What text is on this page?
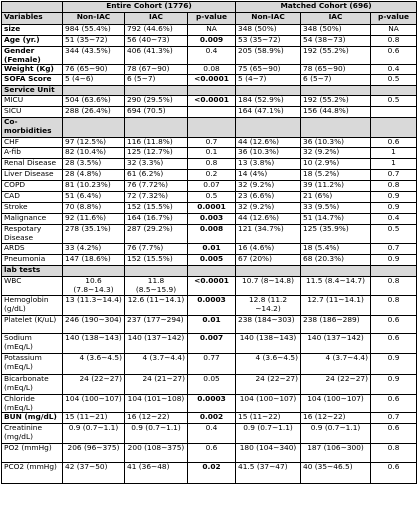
	Entire Cohort (1776)			Matched Cohort (696)		
Variables	Non-IAC	IAC	p-value	Non-IAC	IAC	p-value
size	984 (55.4%)	792 (44.6%)	NA	348 (50%)	348 (50%)	NA
Age (yr.)	51 (35~72)	56 (40~73)	0.009	53 (35~72)	54 (38~73)	0.8
Gender (Female)	344 (43.5%)	406 (41.3%)	0.4	205 (58.9%)	192 (55.2%)	0.6
Weight (Kg)	76 (65~90)	78 (67~90)	0.08	75 (65~90)	78 (65~90)	0.4
SOFA Score	5 (4~6)	6 (5~7)	<0.0001	5 (4~7)	6 (5~7)	0.5
Service Unit						
MICU	504 (63.6%)	290 (29.5%)	<0.0001	184 (52.9%)	192 (55.2%)	0.5
SICU	288 (26.4%)	694 (70.5)		164 (47.1%)	156 (44.8%)	
Co-morbidities						
CHF	97 (12.5%)	116 (11.8%)	0.7	44 (12.6%)	36 (10.3%)	0.6
A-fib	82 (10.4%)	125 (12.7%)	0.1	36 (10.3%)	32 (9.2%)	1
Renal Disease	28 (3.5%)	32 (3.3%)	0.8	13 (3.8%)	10 (2.9%)	1
Liver Disease	28 (4.8%)	61 (6.2%)	0.2	14 (4%)	18 (5.2%)	0.7
COPD	81 (10.23%)	76 (7.72%)	0.07	32 (9.2%)	39 (11.2%)	0.8
CAD	51 (6.4%)	72 (7.32%)	0.5	23 (6.6%)	21 (6%)	0.9
Stroke	70 (8.8%)	152 (15.5%)	0.0001	32 (9.2%)	33 (9.5%)	0.9
Malignance	92 (11.6%)	164 (16.7%)	0.003	44 (12.6%)	51 (14.7%)	0.4
Respotary Disease	278 (35.1%)	287 (29.2%)	0.008	121 (34.7%)	125 (35.9%)	0.5
ARDS	33 (4.2%)	76 (7.7%)	0.01	16 (4.6%)	18 (5.4%)	0.7
Pneumonia	147 (18.6%)	152 (15.5%)	0.005	67 (20%)	68 (20.3%)	0.9
lab tests						
WBC	10.6 (7.8~14.3)	11.8 (8.5~15.9)	<0.0001	10.7 (8~14.8)	11.5 (8.4~14.7)	0.8
Hemoglobin (g/dL)	13 (11.3~14.4)	12.6 (11~14.1)	0.0003	12.8 (11.2 ~14.2)	12.7 (11~14.1)	0.8
Platelet (K/uL)	246 (190~304)	237 (177~294)	0.01	238 (184~303)	238 (186~289)	0.6
Sodium (mEq/L)	140 (138~143)	140 (137~142)	0.007	140 (138~143)	140 (137~142)	0.6
Potassium (mEq/L)	4 (3.6~4.5)	4 (3.7~4.4)	0.77	4 (3.6~4.5)	4 (3.7~4.4)	0.9
Bicarbonate (mEq/L)	24 (22~27)	24 (21~27)	0.05	24 (22~27)	24 (22~27)	0.9
Chloride (mEq/L)	104 (100~107)	104 (101~108)	0.0003	104 (100~107)	104 (100~107)	0.6
BUN (mg/dL)	15 (11~21)	16 (12~22)	0.002	15 (11~22)	16 (12~22)	0.7
Creatinine (mg/dL)	0.9 (0.7~1.1)	0.9 (0.7~1.1)	0.4	0.9 (0.7~1.1)	0.9 (0.7~1.1)	0.6
PO2 (mmHg)	206 (96~375)	200 (108~375)	0.6	180 (104~340)	187 (106~300)	0.8
PCO2 (mmHg)	42 (37~50)	41 (36~48)	0.02	41.5 (37~47)	40 (35~46.5)	0.6
